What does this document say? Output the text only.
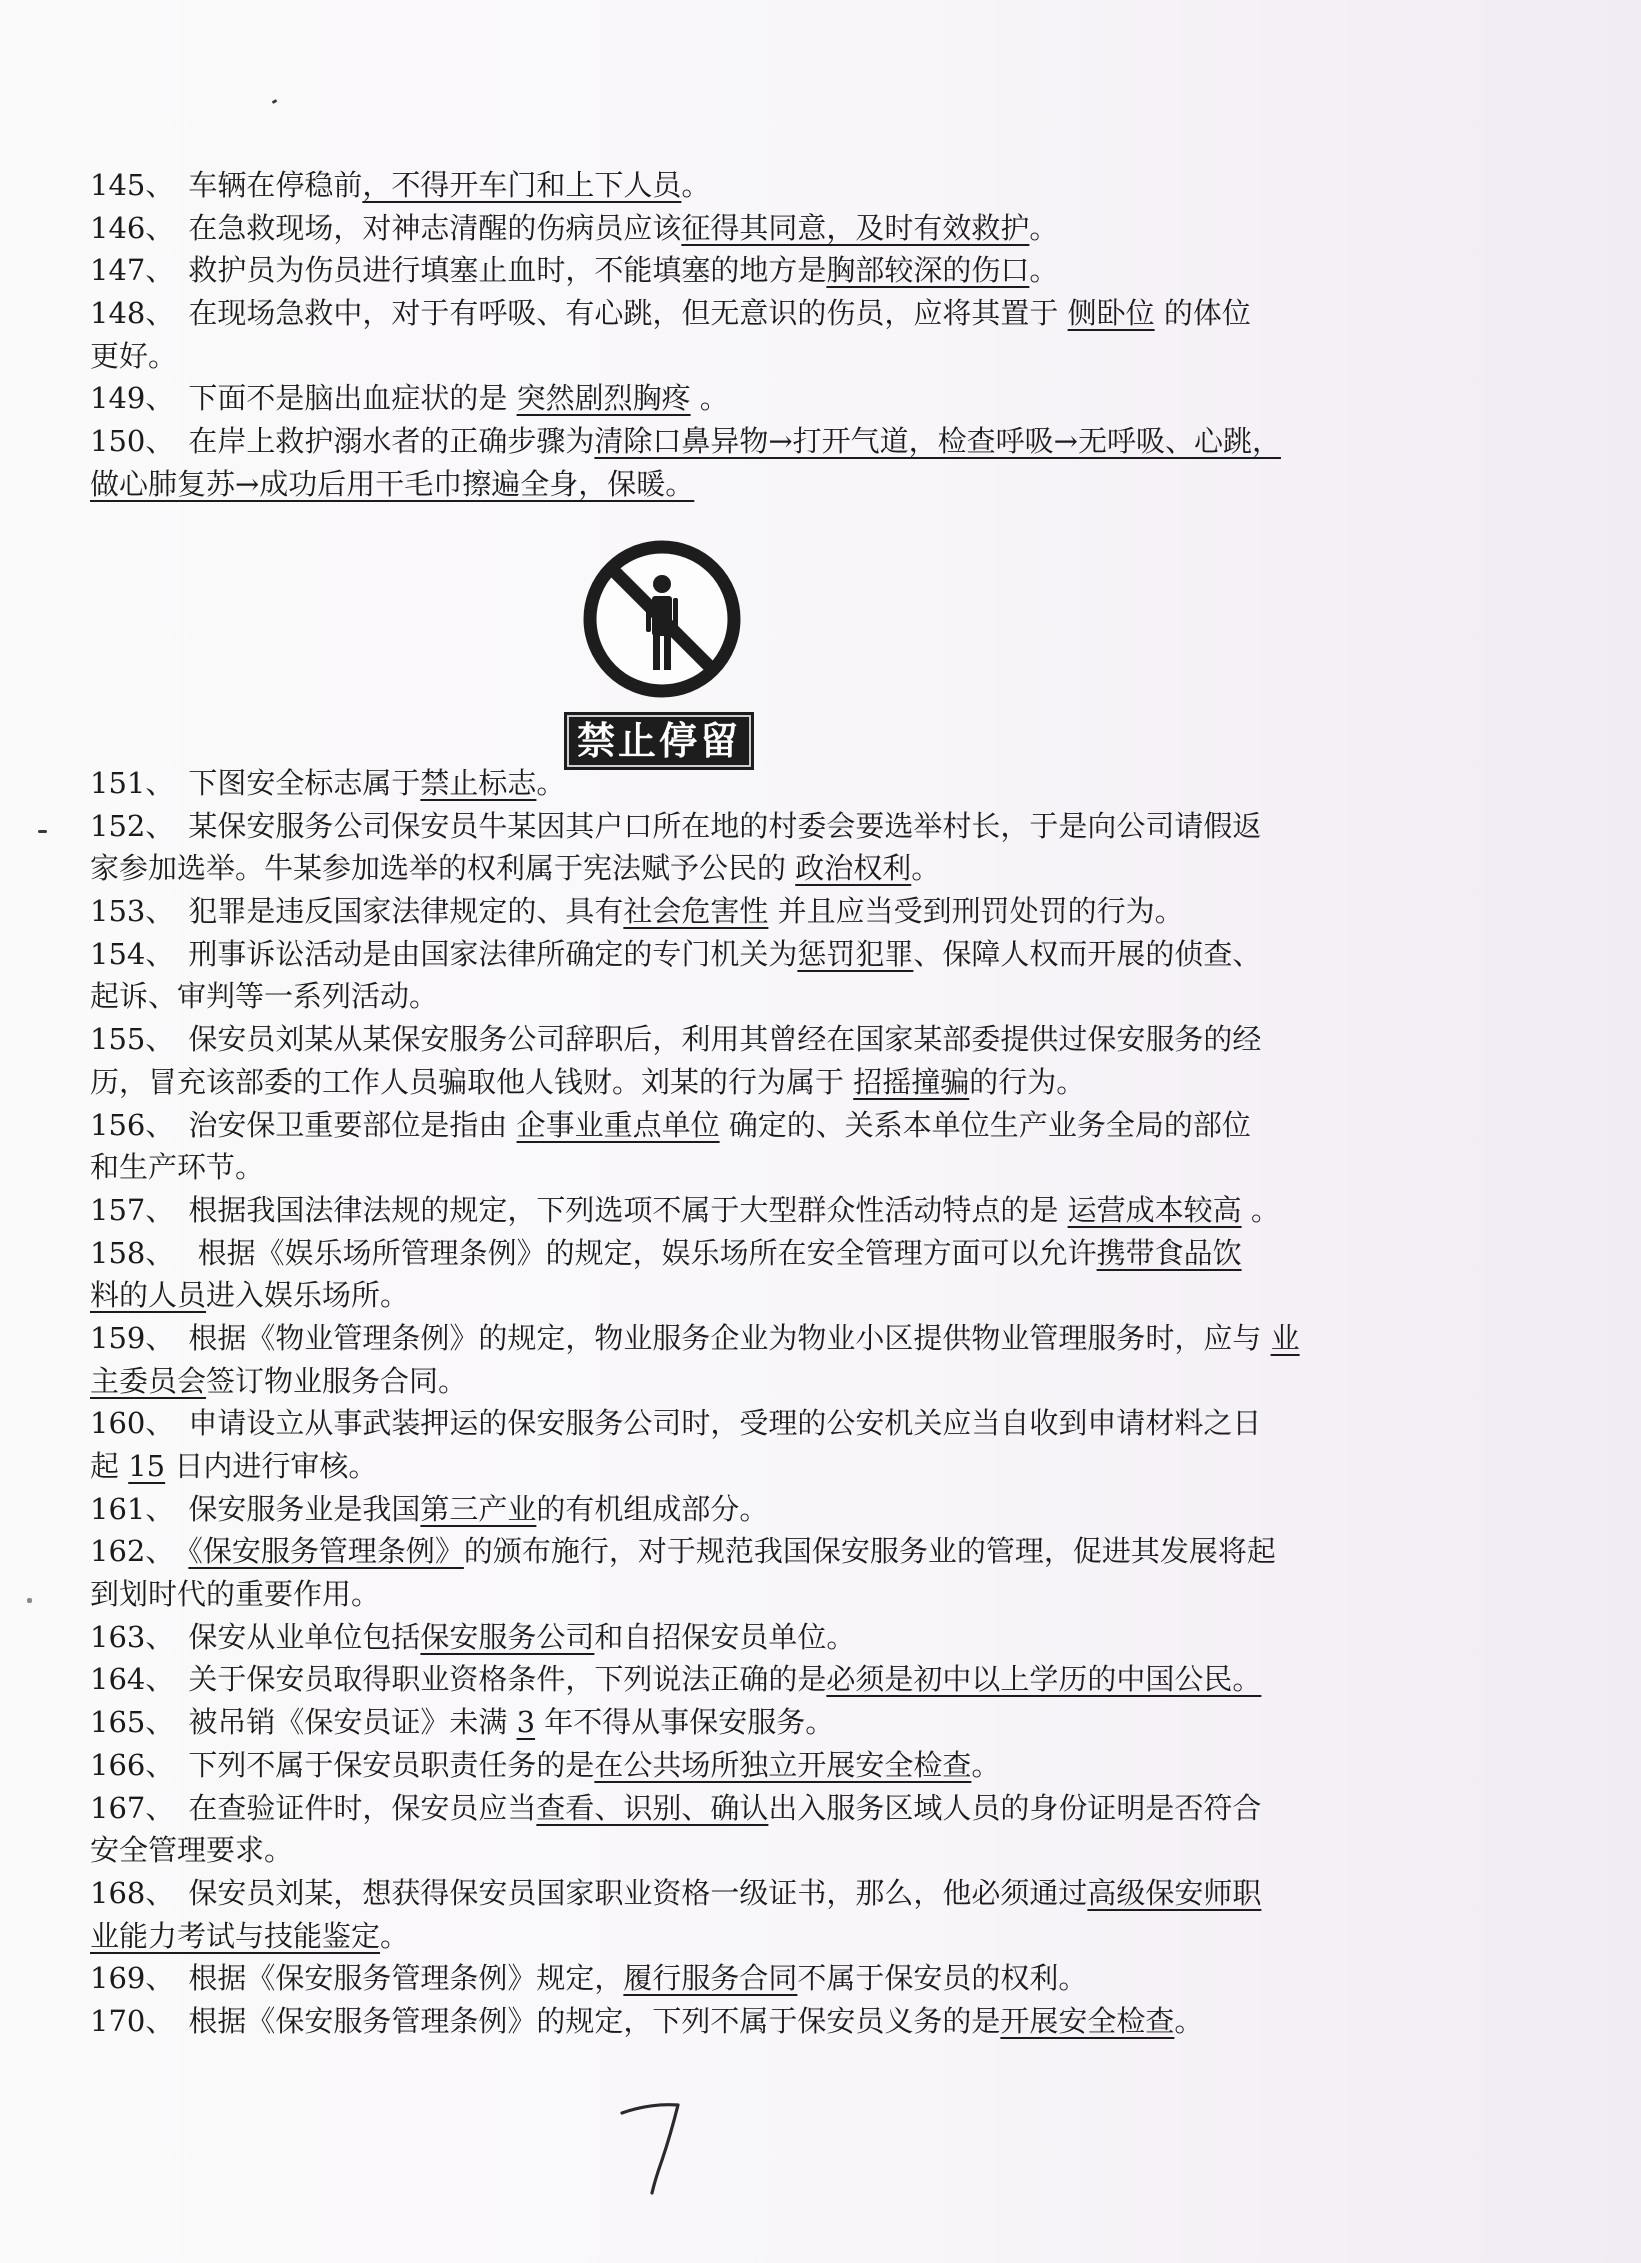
145、 车辆在停稳前，不得开车门和上下人员。
146、 在急救现场，对神志清醒的伤病员应该征得其同意，及时有效救护。
147、 救护员为伤员进行填塞止血时，不能填塞的地方是胸部较深的伤口。
148、 在现场急救中，对于有呼吸、有心跳，但无意识的伤员，应将其置于 侧卧位 的体位
更好。
149、 下面不是脑出血症状的是 突然剧烈胸疼 。
150、 在岸上救护溺水者的正确步骤为清除口鼻异物→打开气道，检查呼吸→无呼吸、心跳，
做心肺复苏→成功后用干毛巾擦遍全身，保暖。
禁止停留
151、 下图安全标志属于禁止标志。
152、 某保安服务公司保安员牛某因其户口所在地的村委会要选举村长，于是向公司请假返
家参加选举。牛某参加选举的权利属于宪法赋予公民的 政治权利。
153、 犯罪是违反国家法律规定的、具有社会危害性 并且应当受到刑罚处罚的行为。
154、 刑事诉讼活动是由国家法律所确定的专门机关为惩罚犯罪、保障人权而开展的侦查、
起诉、审判等一系列活动。
155、 保安员刘某从某保安服务公司辞职后，利用其曾经在国家某部委提供过保安服务的经
历，冒充该部委的工作人员骗取他人钱财。刘某的行为属于 招摇撞骗的行为。
156、 治安保卫重要部位是指由 企事业重点单位 确定的、关系本单位生产业务全局的部位
和生产环节。
157、 根据我国法律法规的规定，下列选项不属于大型群众性活动特点的是 运营成本较高 。
158、 根据《娱乐场所管理条例》的规定，娱乐场所在安全管理方面可以允许携带食品饮
料的人员进入娱乐场所。
159、 根据《物业管理条例》的规定，物业服务企业为物业小区提供物业管理服务时，应与 业
主委员会签订物业服务合同。
160、 申请设立从事武装押运的保安服务公司时，受理的公安机关应当自收到申请材料之日
起 15 日内进行审核。
161、 保安服务业是我国第三产业的有机组成部分。
162、 《保安服务管理条例》的颁布施行，对于规范我国保安服务业的管理，促进其发展将起
到划时代的重要作用。
163、 保安从业单位包括保安服务公司和自招保安员单位。
164、 关于保安员取得职业资格条件，下列说法正确的是必须是初中以上学历的中国公民。
165、 被吊销《保安员证》未满 3 年不得从事保安服务。
166、 下列不属于保安员职责任务的是在公共场所独立开展安全检查。
167、 在查验证件时，保安员应当查看、识别、确认出入服务区域人员的身份证明是否符合
安全管理要求。
168、 保安员刘某，想获得保安员国家职业资格一级证书，那么，他必须通过高级保安师职
业能力考试与技能鉴定。
169、 根据《保安服务管理条例》规定，履行服务合同不属于保安员的权利。
170、 根据《保安服务管理条例》的规定，下列不属于保安员义务的是开展安全检查。
